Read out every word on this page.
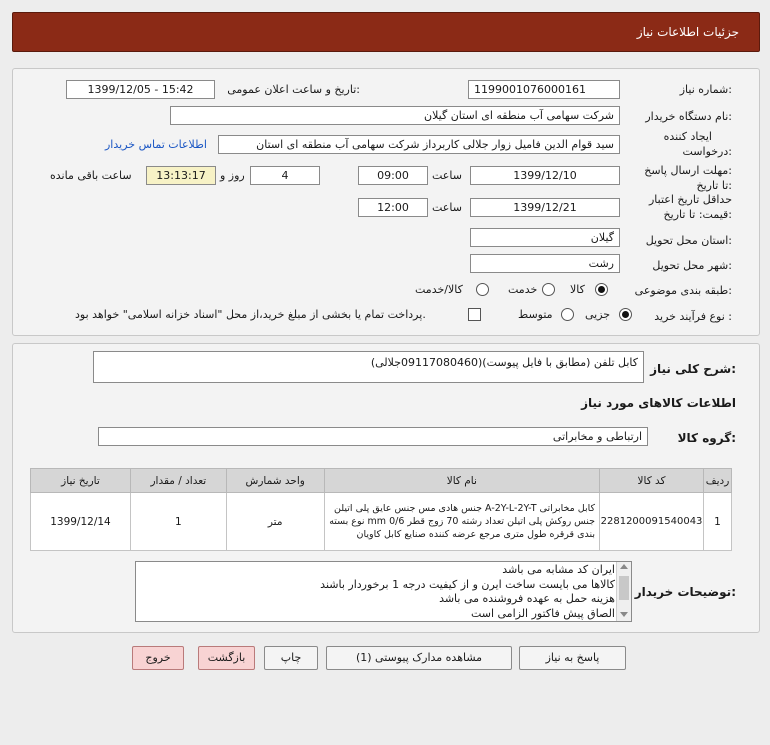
جزئیات اطلاعات نیاز
شماره نیاز:
1199001076000161
تاریخ و ساعت اعلان عمومی:
1399/12/05 - 15:42
نام دستگاه خریدار:
شرکت سهامی آب منطقه ای استان گیلان
ایجاد کننده
درخواست:
سید قوام الدین فامیل زوار جلالی کاربرداز شرکت سهامی آب منطقه ای استان
اطلاعات تماس خریدار
مهلت ارسال پاسخ:
تا تاریخ:
1399/12/10
ساعت
09:00
4
روز و
13:13:17
ساعت باقی مانده
حداقل تاریخ اعتبار
قیمت: تا تاریخ:
1399/12/21
ساعت
12:00
استان محل تحویل:
گیلان
شهر محل تحویل:
رشت
طبقه بندی موضوعی:
کالا
خدمت
کالا/خدمت
نوع فرآیند خرید :
جزیی
متوسط
پرداخت تمام یا بخشی از مبلغ خرید،از محل "اسناد خزانه اسلامی" خواهد بود.
شرح کلی نیاز:
کابل تلفن (مطابق با فایل پیوست)(09117080460جلالی)
اطلاعات کالاهای مورد نیاز
گروه کالا:
ارتباطی و مخابراتی
ردیف	کد کالا	نام کالا	واحد شمارش	تعداد / مقدار	تاریخ نیاز
1	2281200091540043	کابل مخابراتی A-2Y-L-2Y-T جنس هادی مس جنس عایق پلی اتیلن جنس روکش پلی اتیلن تعداد رشته 70 زوج قطر mm 0/6 نوع بسته بندی قرقره طول متری مرجع عرضه کننده صنایع کابل کاویان	متر	1	1399/12/14
توضیحات خریدار:
ایران کد مشابه می باشد
کالاها می بایست ساخت ایرن و از کیفیت درجه 1 برخوردار باشند
هزینه حمل به عهده فروشنده می باشد
الصاق پیش فاکتور الزامی است
پاسخ به نیاز
مشاهده مدارک پیوستی (1)
چاپ
بازگشت
خروج
